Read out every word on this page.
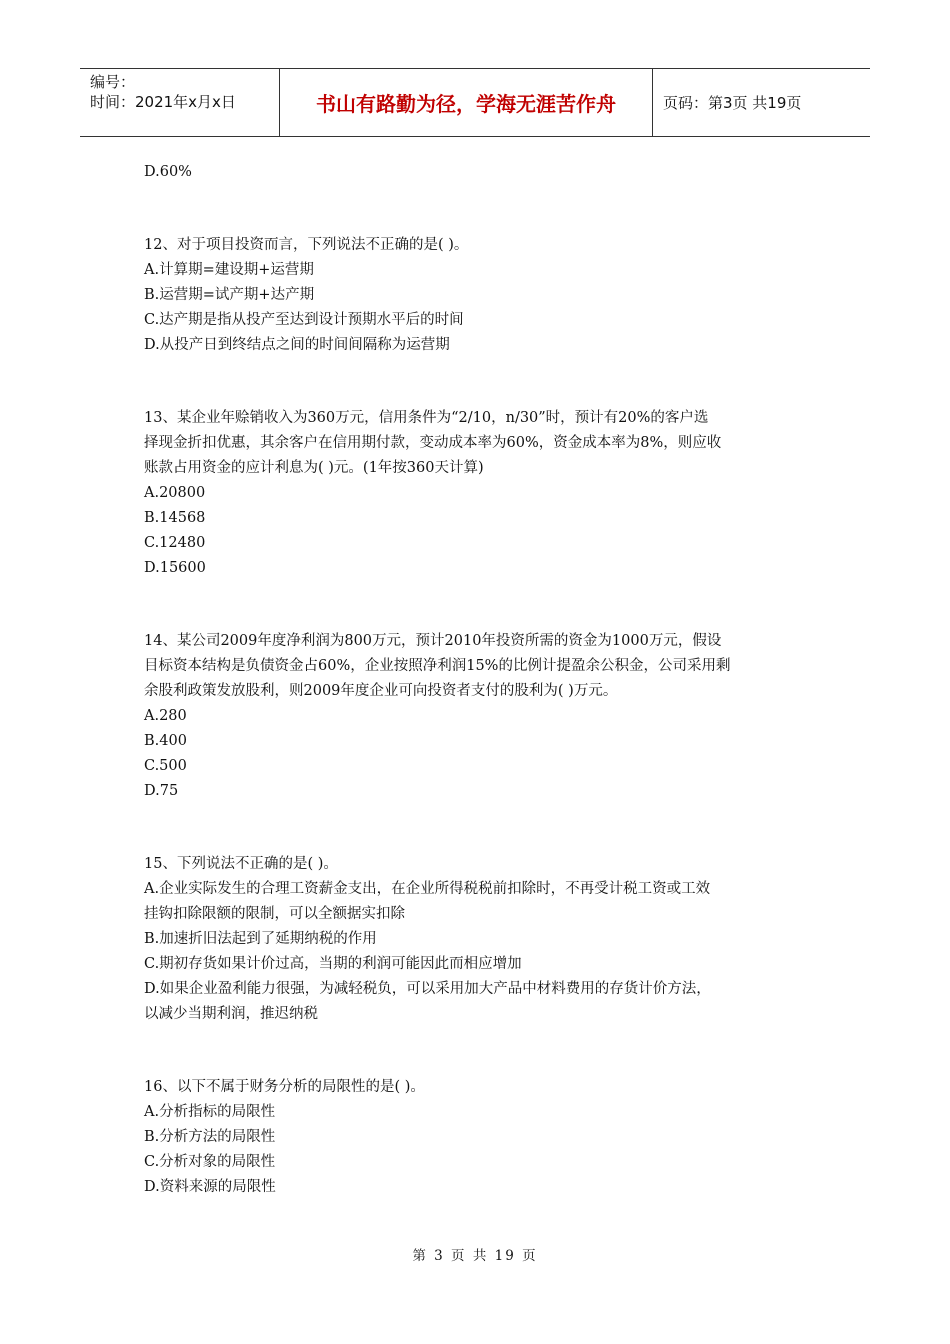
编号：
时间：2021年x月x日	书山有路勤为径，学海无涯苦作舟	页码：第3页 共19页
D.60%
12、对于项目投资而言，下列说法不正确的是( )。
A.计算期=建设期+运营期
B.运营期=试产期+达产期
C.达产期是指从投产至达到设计预期水平后的时间
D.从投产日到终结点之间的时间间隔称为运营期
13、某企业年赊销收入为360万元，信用条件为“2/10，n/30”时，预计有20%的客户选
择现金折扣优惠，其余客户在信用期付款，变动成本率为60%，资金成本率为8%，则应收
账款占用资金的应计利息为( )元。(1年按360天计算)
A.20800
B.14568
C.12480
D.15600
14、某公司2009年度净利润为800万元，预计2010年投资所需的资金为1000万元，假设
目标资本结构是负债资金占60%，企业按照净利润15%的比例计提盈余公积金，公司采用剩
余股利政策发放股利，则2009年度企业可向投资者支付的股利为( )万元。
A.280
B.400
C.500
D.75
15、下列说法不正确的是( )。
A.企业实际发生的合理工资薪金支出，在企业所得税税前扣除时，不再受计税工资或工效
挂钩扣除限额的限制，可以全额据实扣除
B.加速折旧法起到了延期纳税的作用
C.期初存货如果计价过高，当期的利润可能因此而相应增加
D.如果企业盈利能力很强，为减轻税负，可以采用加大产品中材料费用的存货计价方法，
以减少当期利润，推迟纳税
16、以下不属于财务分析的局限性的是( )。
A.分析指标的局限性
B.分析方法的局限性
C.分析对象的局限性
D.资料来源的局限性
第 3 页 共 19 页
